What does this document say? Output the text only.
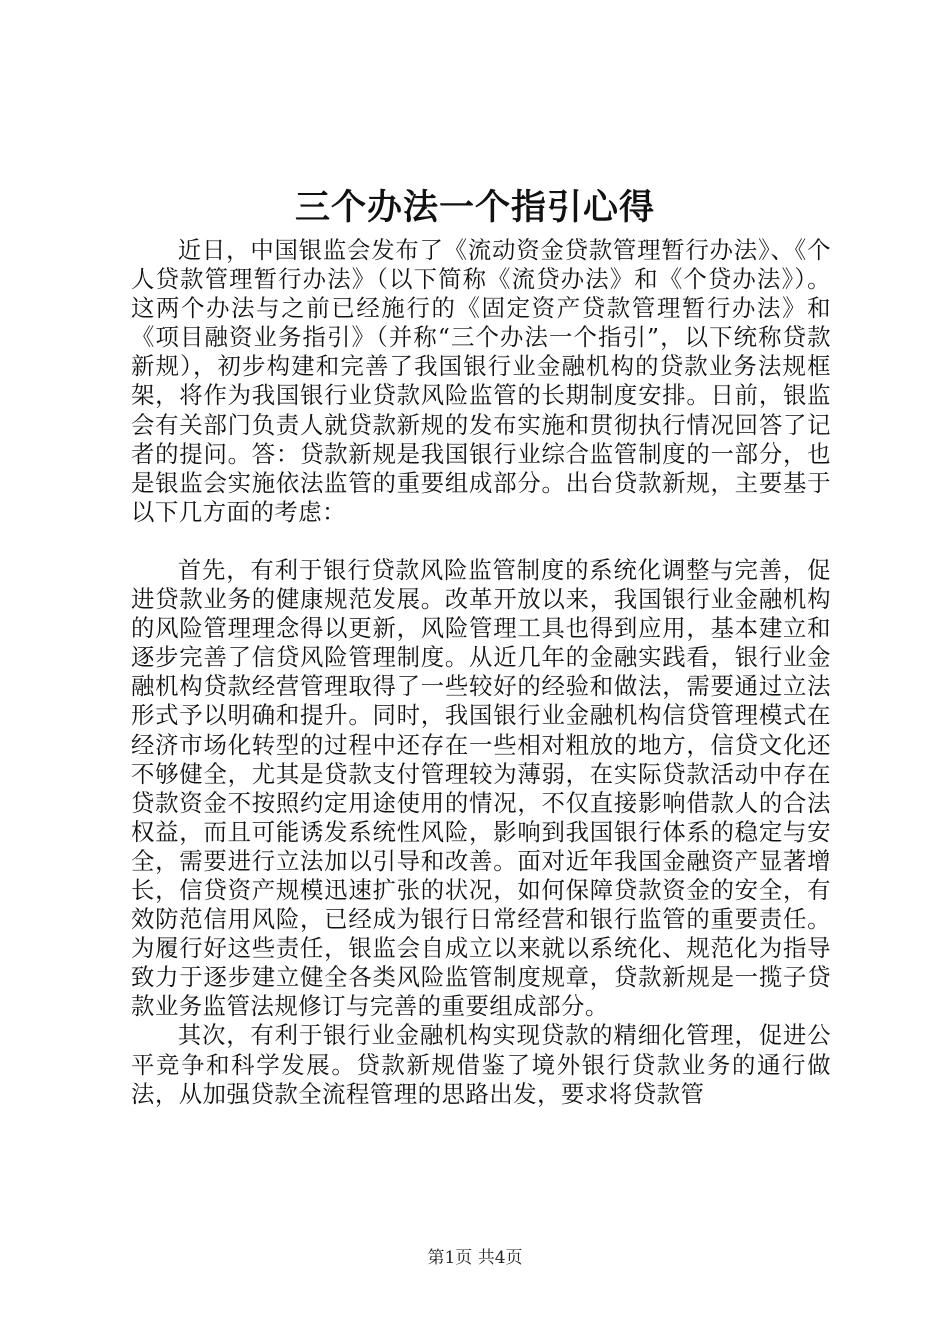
三个办法一个指引心得

近日，中国银监会发布了《流动资金贷款管理暂行办法》、《个人贷款管理暂行办法》（以下简称《流贷办法》和《个贷办法》）。这两个办法与之前已经施行的《固定资产贷款管理暂行办法》和《项目融资业务指引》（并称“三个办法一个指引”，以下统称贷款新规），初步构建和完善了我国银行业金融机构的贷款业务法规框架，将作为我国银行业贷款风险监管的长期制度安排。日前，银监会有关部门负责人就贷款新规的发布实施和贯彻执行情况回答了记者的提问。答：贷款新规是我国银行业综合监管制度的一部分，也是银监会实施依法监管的重要组成部分。出台贷款新规，主要基于以下几方面的考虑：

首先，有利于银行贷款风险监管制度的系统化调整与完善，促进贷款业务的健康规范发展。改革开放以来，我国银行业金融机构的风险管理理念得以更新，风险管理工具也得到应用，基本建立和逐步完善了信贷风险管理制度。从近几年的金融实践看，银行业金融机构贷款经营管理取得了一些较好的经验和做法，需要通过立法形式予以明确和提升。同时，我国银行业金融机构信贷管理模式在经济市场化转型的过程中还存在一些相对粗放的地方，信贷文化还不够健全，尤其是贷款支付管理较为薄弱，在实际贷款活动中存在贷款资金不按照约定用途使用的情况，不仅直接影响借款人的合法权益，而且可能诱发系统性风险，影响到我国银行体系的稳定与安全，需要进行立法加以引导和改善。面对近年我国金融资产显著增长，信贷资产规模迅速扩张的状况，如何保障贷款资金的安全，有效防范信用风险，已经成为银行日常经营和银行监管的重要责任。为履行好这些责任，银监会自成立以来就以系统化、规范化为指导致力于逐步建立健全各类风险监管制度规章，贷款新规是一揽子贷款业务监管法规修订与完善的重要组成部分。

其次，有利于银行业金融机构实现贷款的精细化管理，促进公平竞争和科学发展。贷款新规借鉴了境外银行贷款业务的通行做法，从加强贷款全流程管理的思路出发，要求将贷款管

第1页 共4页
